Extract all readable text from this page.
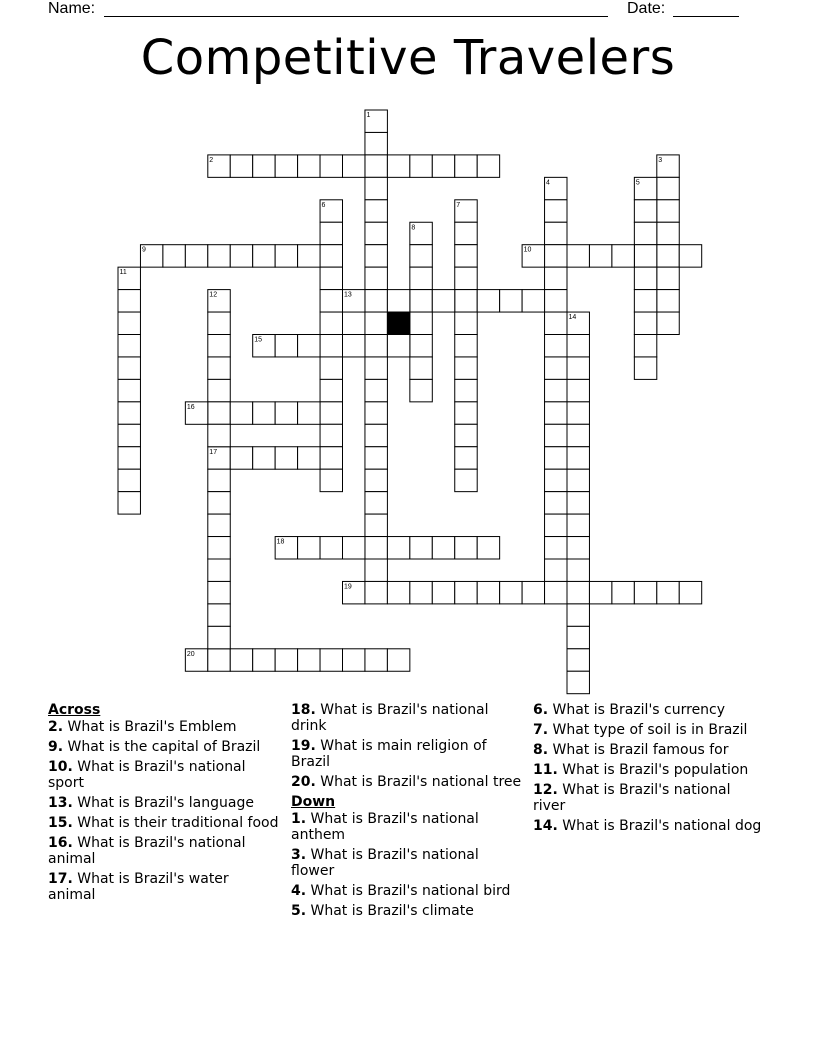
Name:	Date:
Competitive Travelers
1
2	3
4	5
6	7
8
9	10
11
12	13
14
15
16
17
18
19
20
Across
2. What is Brazil's Emblem
9. What is the capital of Brazil
10. What is Brazil's national sport
13. What is Brazil's language
15. What is their traditional food
16. What is Brazil's national animal
17. What is Brazil's water animal
18. What is Brazil's national drink
19. What is main religion of Brazil
20. What is Brazil's national tree
Down
1. What is Brazil's national anthem
3. What is Brazil's national flower
4. What is Brazil's national bird
5. What is Brazil's climate
6. What is Brazil's currency
7. What type of soil is in Brazil
8. What is Brazil famous for
11. What is Brazil's population
12. What is Brazil's national river
14. What is Brazil's national dog
